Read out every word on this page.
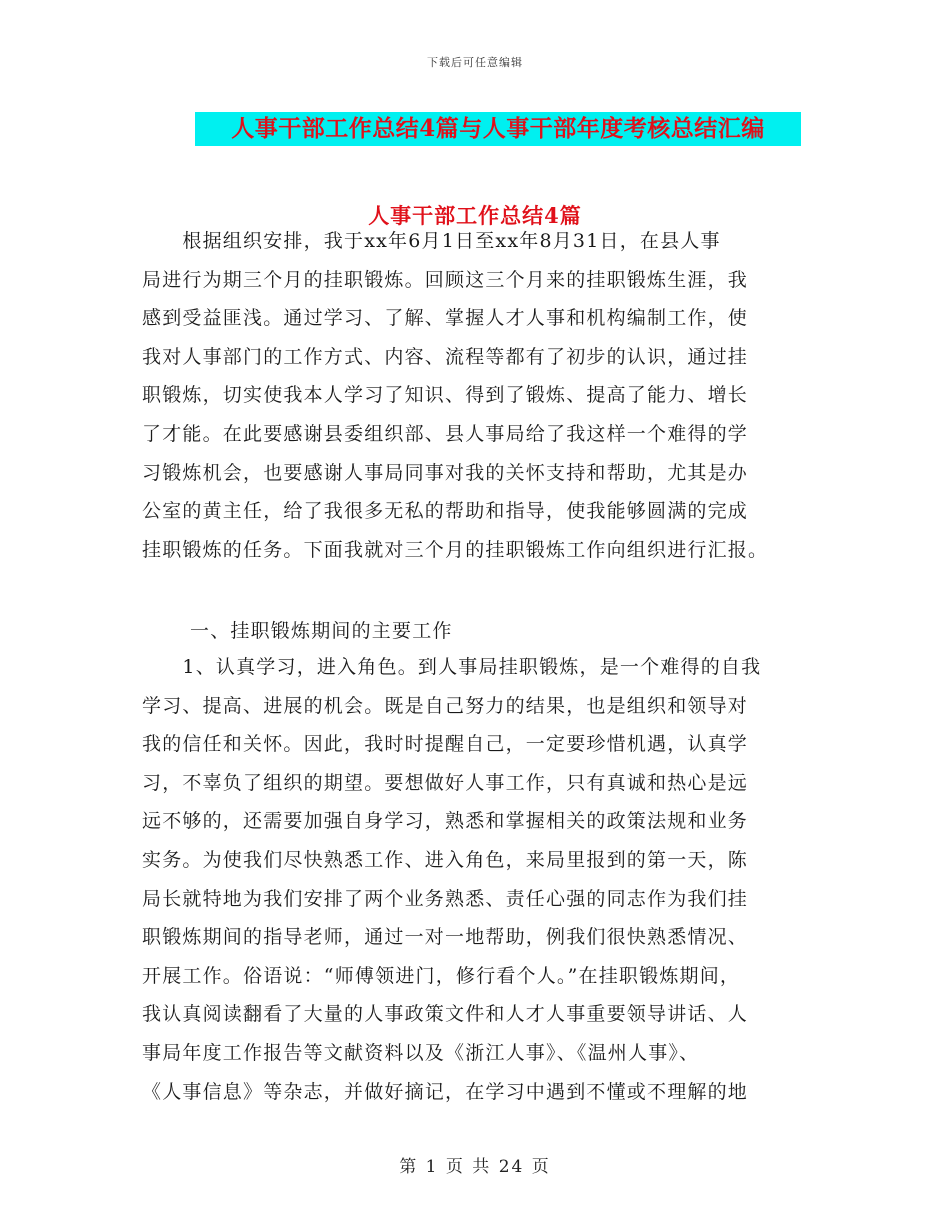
下载后可任意编辑
人事干部工作总结4篇与人事干部年度考核总结汇编
人事干部工作总结4篇
　　根据组织安排，我于xx年6月1日至xx年8月31日，在县人事
局进行为期三个月的挂职锻炼。回顾这三个月来的挂职锻炼生涯，我
感到受益匪浅。通过学习、了解、掌握人才人事和机构编制工作，使
我对人事部门的工作方式、内容、流程等都有了初步的认识，通过挂
职锻炼，切实使我本人学习了知识、得到了锻炼、提高了能力、增长
了才能。在此要感谢县委组织部、县人事局给了我这样一个难得的学
习锻炼机会，也要感谢人事局同事对我的关怀支持和帮助，尤其是办
公室的黄主任，给了我很多无私的帮助和指导，使我能够圆满的完成
挂职锻炼的任务。下面我就对三个月的挂职锻炼工作向组织进行汇报。
一、挂职锻炼期间的主要工作
　　1、认真学习，进入角色。到人事局挂职锻炼，是一个难得的自我
学习、提高、进展的机会。既是自己努力的结果，也是组织和领导对
我的信任和关怀。因此，我时时提醒自己，一定要珍惜机遇，认真学
习，不辜负了组织的期望。要想做好人事工作，只有真诚和热心是远
远不够的，还需要加强自身学习，熟悉和掌握相关的政策法规和业务
实务。为使我们尽快熟悉工作、进入角色，来局里报到的第一天，陈
局长就特地为我们安排了两个业务熟悉、责任心强的同志作为我们挂
职锻炼期间的指导老师，通过一对一地帮助，例我们很快熟悉情况、
开展工作。俗语说：“师傅领进门，修行看个人。”在挂职锻炼期间，
我认真阅读翻看了大量的人事政策文件和人才人事重要领导讲话、人
事局年度工作报告等文献资料以及《浙江人事》、《温州人事》、
《人事信息》等杂志，并做好摘记，在学习中遇到不懂或不理解的地
第 1 页 共 24 页
